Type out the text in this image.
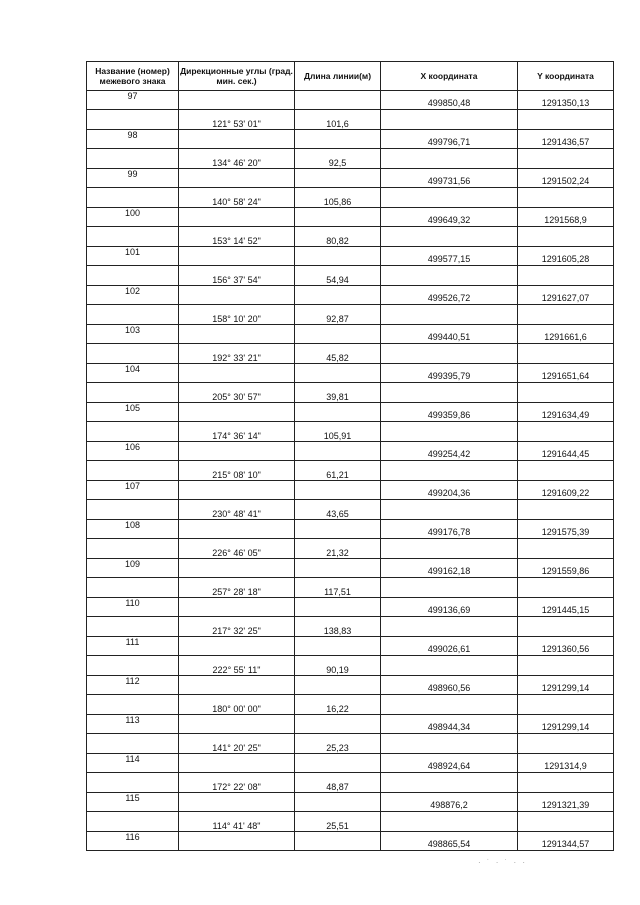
Название (номер) межевого знака	Дирекционные углы (град. мин. сек.)	Длина линии(м)	X координата	Y координата
97			499850,48	1291350,13
	121° 53' 01"	101,6		
98			499796,71	1291436,57
	134° 46' 20"	92,5		
99			499731,56	1291502,24
	140° 58' 24"	105,86		
100			499649,32	1291568,9
	153° 14' 52"	80,82		
101			499577,15	1291605,28
	156° 37' 54"	54,94		
102			499526,72	1291627,07
	158° 10' 20"	92,87		
103			499440,51	1291661,6
	192° 33' 21"	45,82		
104			499395,79	1291651,64
	205° 30' 57"	39,81		
105			499359,86	1291634,49
	174° 36' 14"	105,91		
106			499254,42	1291644,45
	215° 08' 10"	61,21		
107			499204,36	1291609,22
	230° 48' 41"	43,65		
108			499176,78	1291575,39
	226° 46' 05"	21,32		
109			499162,18	1291559,86
	257° 28' 18"	117,51		
110			499136,69	1291445,15
	217° 32' 25"	138,83		
111			499026,61	1291360,56
	222° 55' 11"	90,19		
112			498960,56	1291299,14
	180° 00' 00"	16,22		
113			498944,34	1291299,14
	141° 20' 25"	25,23		
114			498924,64	1291314,9
	172° 22' 08"	48,87		
115			498876,2	1291321,39
	114° 41' 48"	25,51		
116			498865,54	1291344,57
· ˙ · ˙ · ·
